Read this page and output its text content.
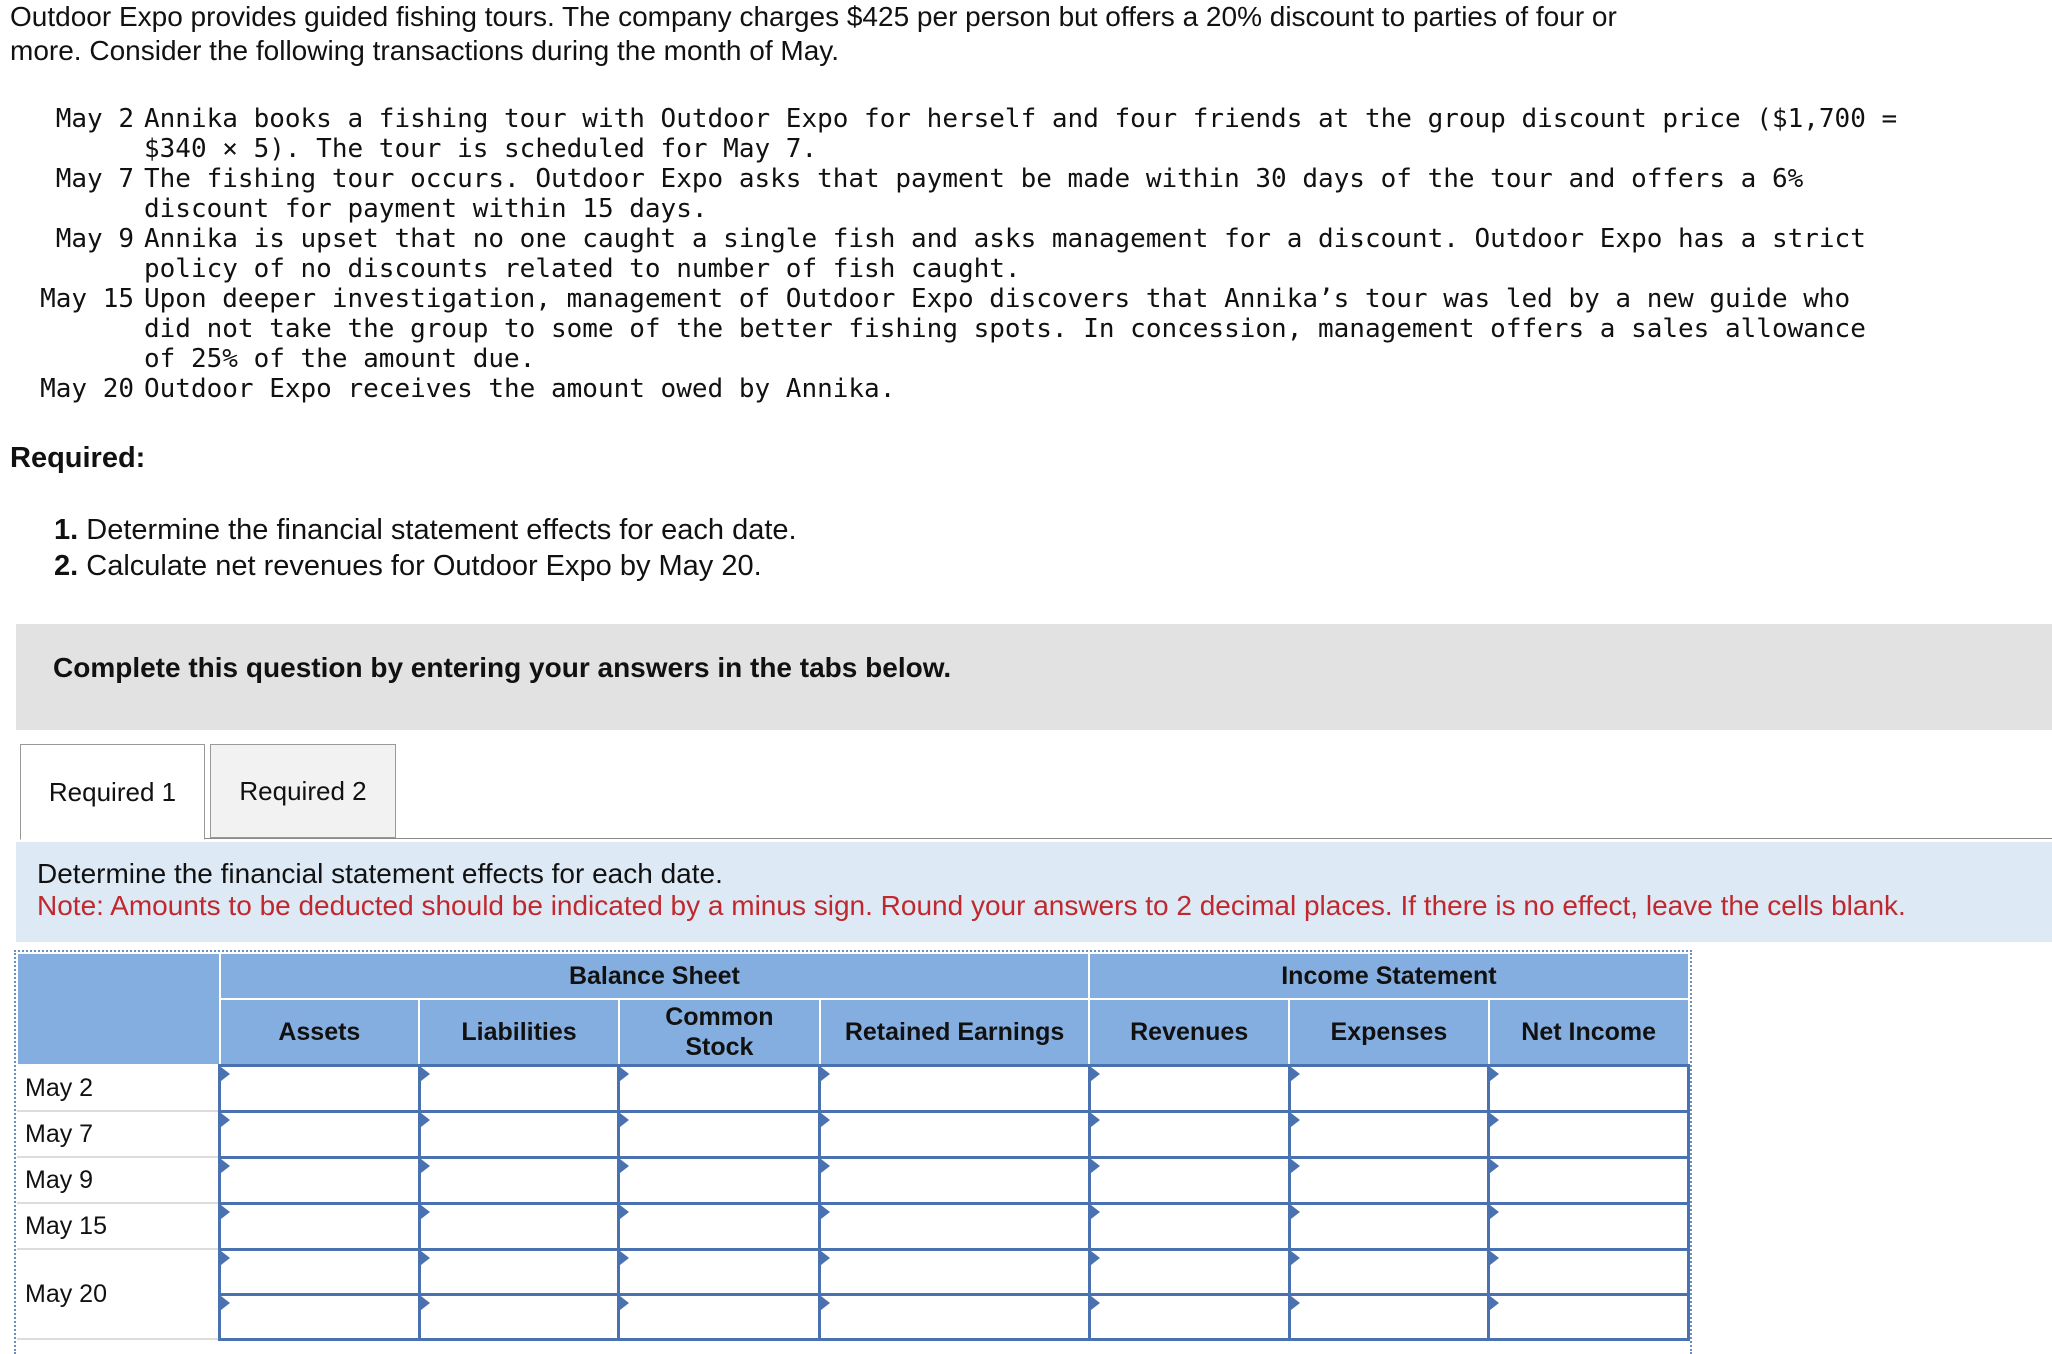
Outdoor Expo provides guided fishing tours. The company charges $425 per person but offers a 20% discount to parties of four or

more. Consider the following transactions during the month of May.

May 2 Annika books a fishing tour with Outdoor Expo for herself and four friends at the group discount price ($1,700 = $340 × 5). The tour is scheduled for May 7.
May 7 The fishing tour occurs. Outdoor Expo asks that payment be made within 30 days of the tour and offers a 6% discount for payment within 15 days.
May 9 Annika is upset that no one caught a single fish and asks management for a discount. Outdoor Expo has a strict policy of no discounts related to number of fish caught.
May 15 Upon deeper investigation, management of Outdoor Expo discovers that Annika’s tour was led by a new guide who did not take the group to some of the better fishing spots. In concession, management offers a sales allowance of 25% of the amount due.
May 20 Outdoor Expo receives the amount owed by Annika.
Required:
1. Determine the financial statement effects for each date.
2. Calculate net revenues for Outdoor Expo by May 20.
Complete this question by entering your answers in the tabs below.
Required 1	Required 2
Determine the financial statement effects for each date.
Note: Amounts to be deducted should be indicated by a minus sign. Round your answers to 2 decimal places. If there is no effect, leave the cells blank.
	Balance Sheet				Income Statement		
	Assets	Liabilities	Common Stock	Retained Earnings	Revenues	Expenses	Net Income
May 2	

May 7	

May 9	

May 15	

May 20	
